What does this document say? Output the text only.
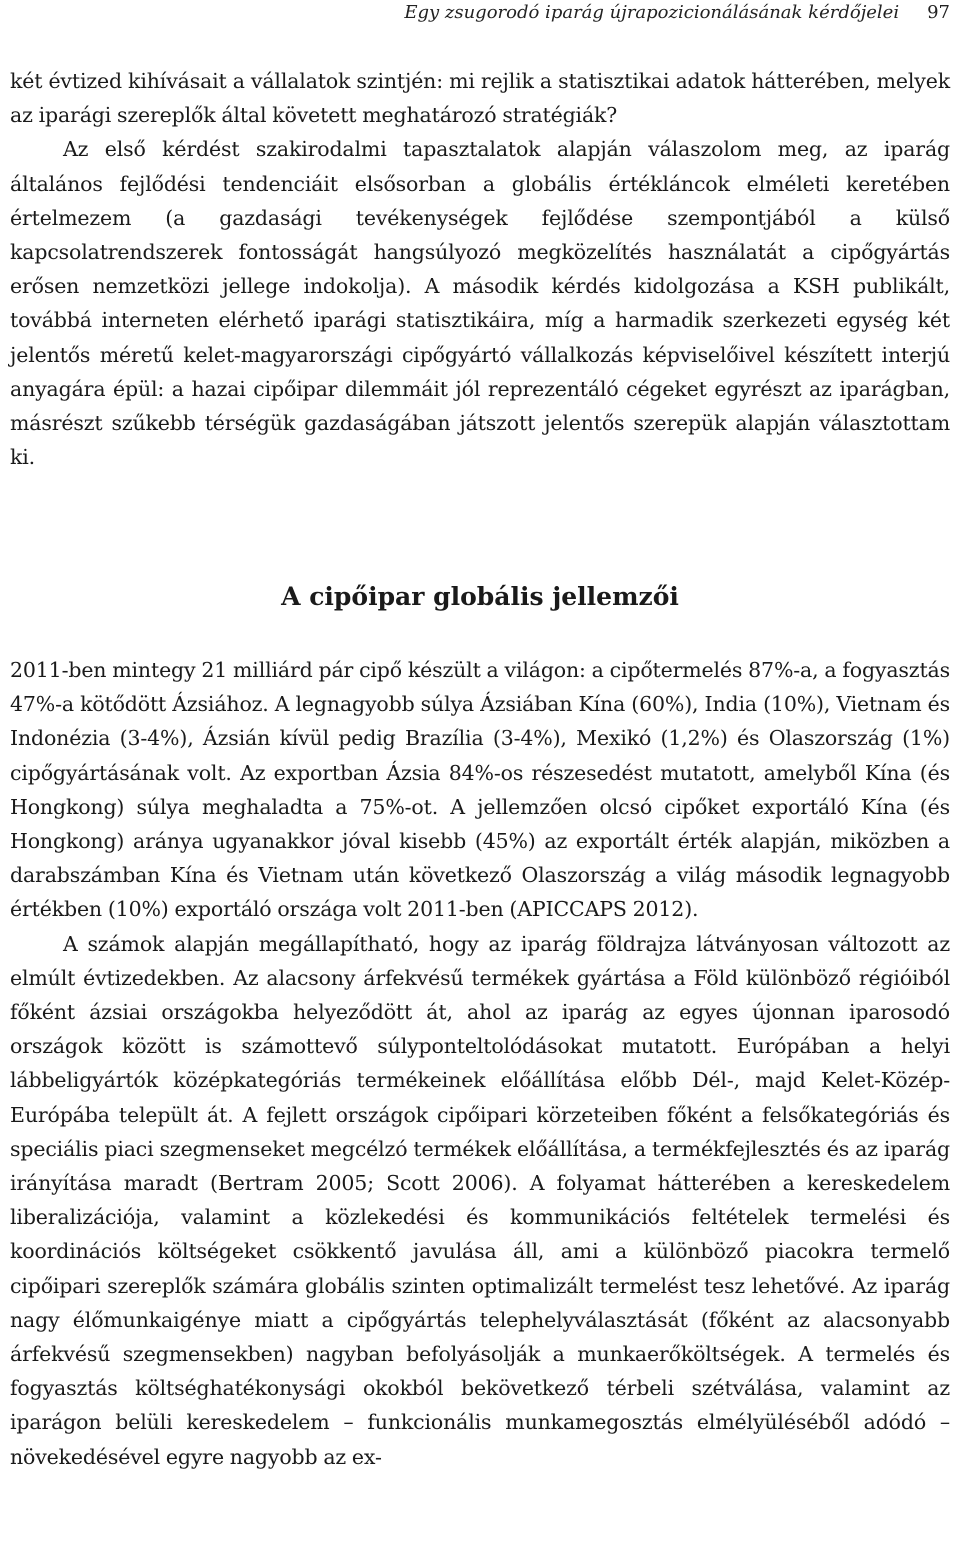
Egy zsugorodó iparág újrapozicionálásának kérdőjelei 97

két évtized kihívásait a vállalatok szintjén: mi rejlik a statisztikai adatok hátterében, melyek az iparági szereplők által követett meghatározó stratégiák?

Az első kérdést szakirodalmi tapasztalatok alapján válaszolom meg, az iparág általános fejlődési tendenciáit elsősorban a globális értékláncok elméleti keretében értelmezem (a gazdasági tevékenységek fejlődése szempontjából a külső kapcsolatrendszerek fontosságát hangsúlyozó megközelítés használatát a cipőgyártás erősen nemzetközi jellege indokolja). A második kérdés kidolgozása a KSH publikált, továbbá interneten elérhető iparági statisztikáira, míg a harmadik szerkezeti egység két jelentős méretű kelet-magyarországi cipőgyártó vállalkozás képviselőivel készített interjú anyagára épül: a hazai cipőipar dilemmáit jól reprezentáló cégeket egyrészt az iparágban, másrészt szűkebb térségük gazdaságában játszott jelentős szerepük alapján választottam ki.

A cipőipar globális jellemzői

2011-ben mintegy 21 milliárd pár cipő készült a világon: a cipőtermelés 87%-a, a fogyasztás 47%-a kötődött Ázsiához. A legnagyobb súlya Ázsiában Kína (60%), India (10%), Vietnam és Indonézia (3-4%), Ázsián kívül pedig Brazília (3-4%), Mexikó (1,2%) és Olaszország (1%) cipőgyártásának volt. Az exportban Ázsia 84%-os részesedést mutatott, amelyből Kína (és Hongkong) súlya meghaladta a 75%-ot. A jellemzően olcsó cipőket exportáló Kína (és Hongkong) aránya ugyanakkor jóval kisebb (45%) az exportált érték alapján, miközben a darabszámban Kína és Vietnam után következő Olaszország a világ második legnagyobb értékben (10%) exportáló országa volt 2011-ben (APICCAPS 2012).

A számok alapján megállapítható, hogy az iparág földrajza látványosan változott az elmúlt évtizedekben. Az alacsony árfekvésű termékek gyártása a Föld különböző régióiból főként ázsiai országokba helyeződött át, ahol az iparág az egyes újonnan iparosodó országok között is számottevő súlyponteltolódásokat mutatott. Európában a helyi lábbeligyártók középkategóriás termékeinek előállítása előbb Dél-, majd Kelet-Közép-Európába települt át. A fejlett országok cipőipari körzeteiben főként a felsőkategóriás és speciális piaci szegmenseket megcélzó termékek előállítása, a termékfejlesztés és az iparág irányítása maradt (Bertram 2005; Scott 2006). A folyamat hátterében a kereskedelem liberalizációja, valamint a közlekedési és kommunikációs feltételek termelési és koordinációs költségeket csökkentő javulása áll, ami a különböző piacokra termelő cipőipari szereplők számára globális szinten optimalizált termelést tesz lehetővé. Az iparág nagy élőmunkaigénye miatt a cipőgyártás telephelyválasztását (főként az alacsonyabb árfekvésű szegmensekben) nagyban befolyásolják a munkaerőköltségek. A termelés és fogyasztás költséghatékonysági okokból bekövetkező térbeli szétválása, valamint az iparágon belüli kereskedelem – funkcionális munkamegosztás elmélyüléséből adódó – növekedésével egyre nagyobb az ex-
